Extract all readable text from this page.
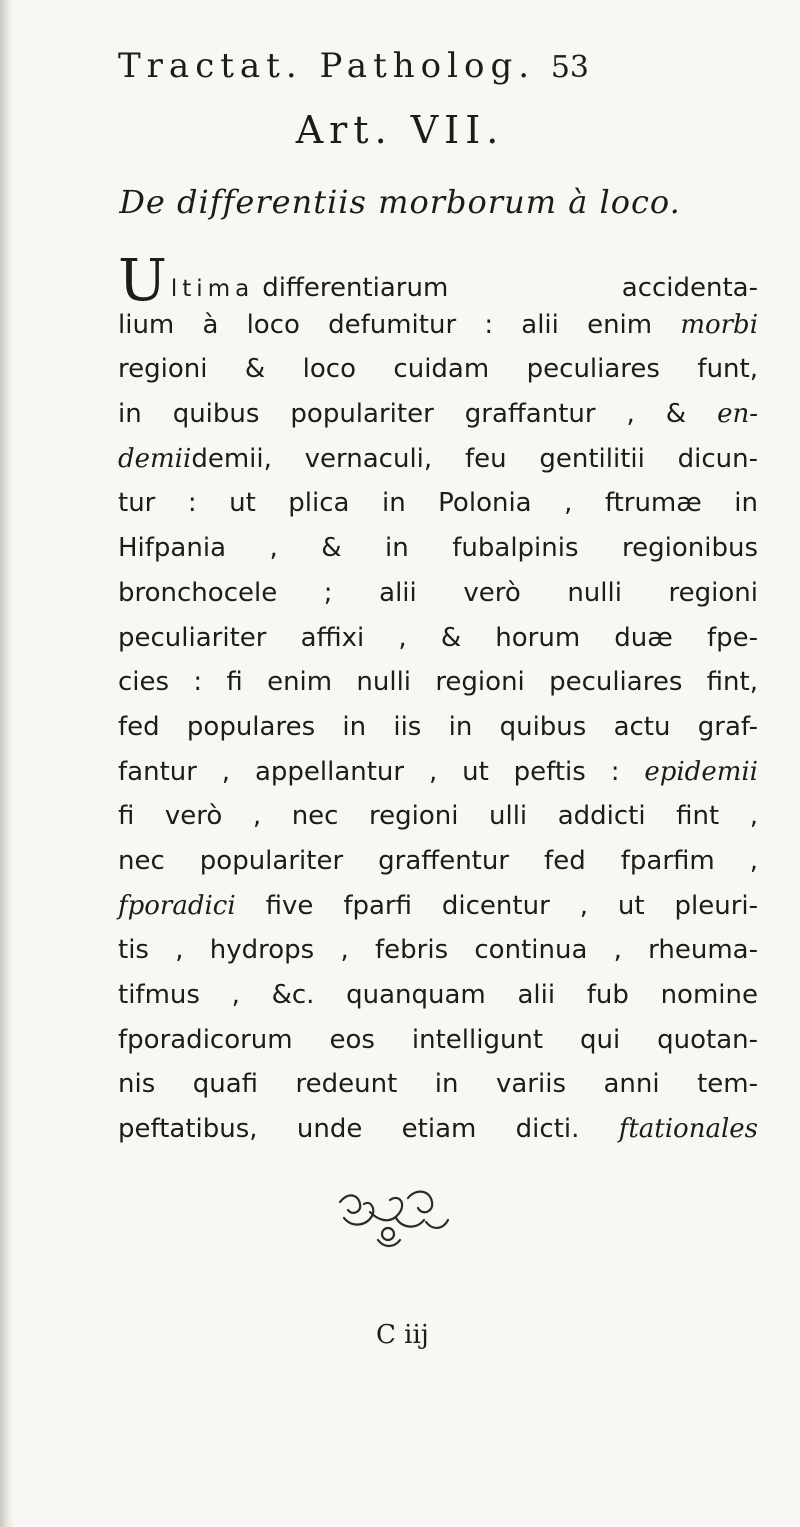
Tractat. Patholog. 53
Art. VII.
De differentiis morborum à loco.
Ultima differentiarum accidenta-
lium à loco defumitur : alii enim morbi
regioni & loco cuidam peculiares funt,
in quibus populariter graffantur , & en-
demiidemii, vernaculi, feu gentilitii dicun-
tur : ut plica in Polonia , ftrumæ in
Hifpania , & in fubalpinis regionibus
bronchocele ; alii verò nulli regioni
peculiariter affixi , & horum duæ fpe-
cies : fi enim nulli regioni peculiares fint,
fed populares in iis in quibus actu graf-
fantur , appellantur , ut peftis : epidemii
fi verò , nec regioni ulli addicti fint ,
nec populariter graffentur fed fparfim ,
fporadici five fparfi dicentur , ut pleuri-
tis , hydrops , febris continua , rheuma-
tifmus , &c. quanquam alii fub nomine
fporadicorum eos intelligunt qui quotan-
nis quafi redeunt in variis anni tem-
peftatibus, unde etiam dicti. ftationales
C iij
